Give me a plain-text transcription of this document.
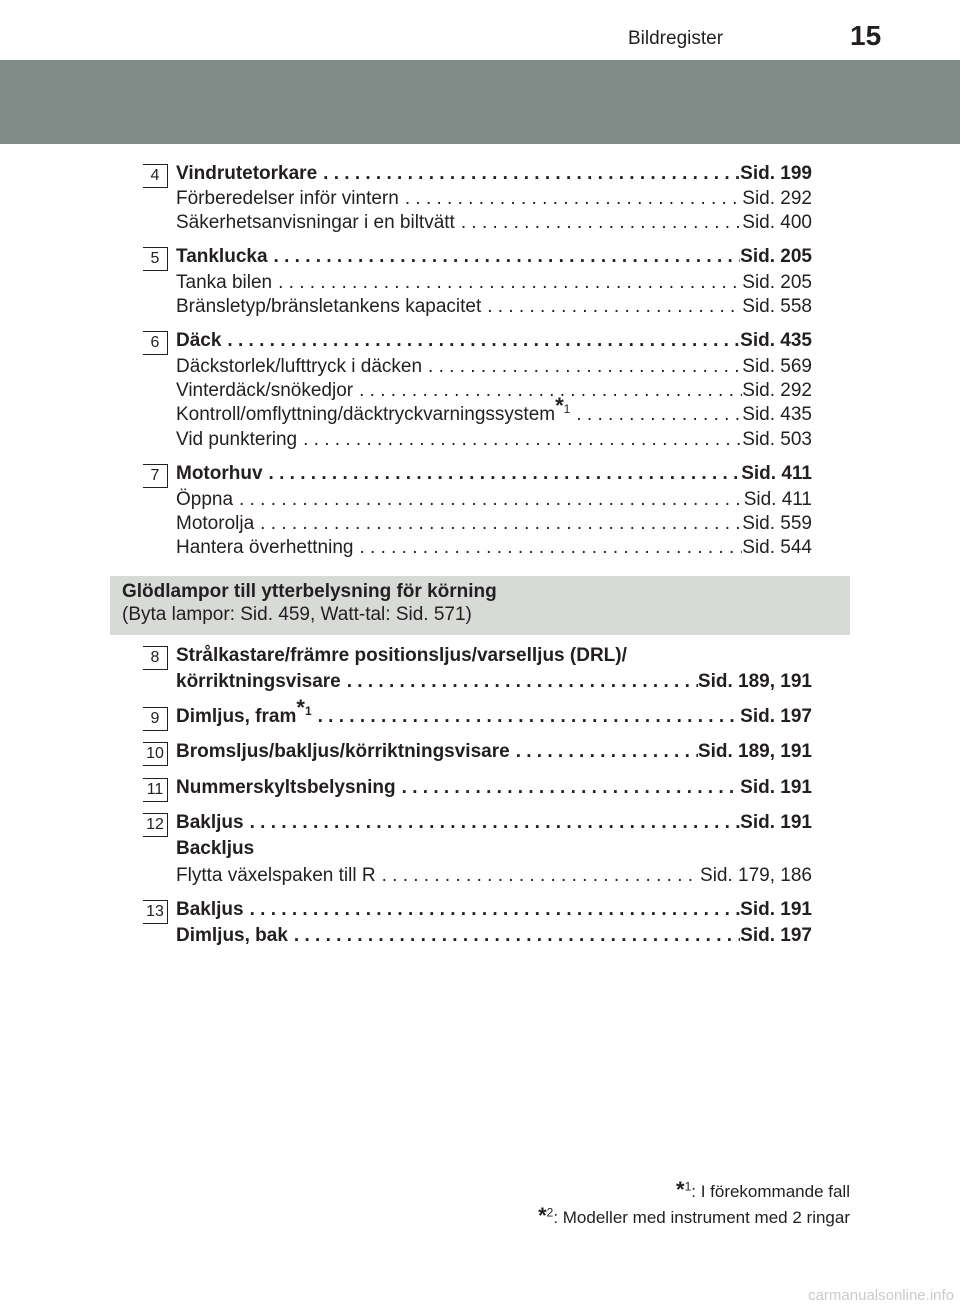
Bildregister	15
4 Vindrutetorkare . . .	Sid. 199
Förberedelser inför vintern . . .	Sid. 292
Säkerhetsanvisningar i en biltvätt . . .	Sid. 400
5 Tanklucka . . .	Sid. 205
Tanka bilen . . .	Sid. 205
Bränsletyp/bränsletankens kapacitet . . .	Sid. 558
6 Däck . . .	Sid. 435
Däckstorlek/lufttryck i däcken . . .	Sid. 569
Vinterdäck/snökedjor . . .	Sid. 292
Kontroll/omflyttning/däcktryckvarningssystem$^{*1}$ . . .	Sid. 435
Vid punktering . . .	Sid. 503
7 Motorhuv . . .	Sid. 411
Öppna . . .	Sid. 411
Motorolja . . .	Sid. 559
Hantera överhettning . . .	Sid. 544
Glödlampor till ytterbelysning för körning
(Byta lampor: Sid. 459, Watt-tal: Sid. 571)
8 Strålkastare/främre positionsljus/varselljus (DRL)/
körriktningsvisare . . .	Sid. 189, 191
9 Dimljus, fram$^{*1}$ . . .	Sid. 197
10 Bromsljus/bakljus/körriktningsvisare . . .	Sid. 189, 191
11 Nummerskyltsbelysning . . .	Sid. 191
12 Bakljus . . .	Sid. 191
Backljus
Flytta växelspaken till R . . .	Sid. 179, 186
13 Bakljus . . .	Sid. 191
Dimljus, bak . . .	Sid. 197
*$^1$: I förekommande fall
*$^2$: Modeller med instrument med 2 ringar
carmanualsonline.info
